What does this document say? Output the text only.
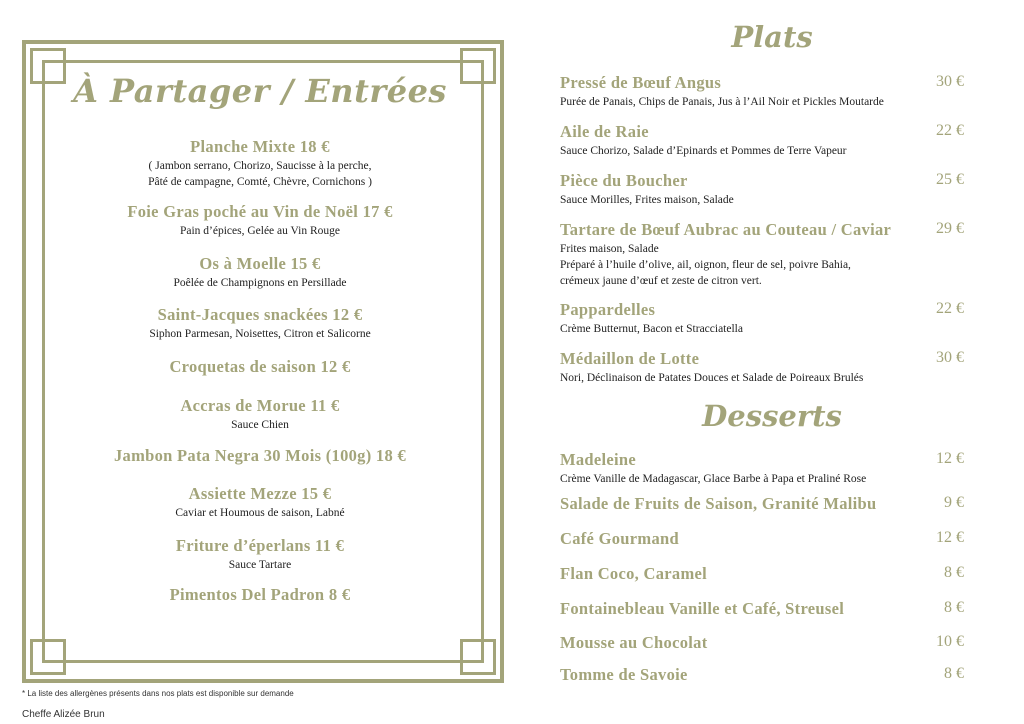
À Partager / Entrées
Planche Mixte 18 €
( Jambon serrano, Chorizo, Saucisse à la perche,
Pâté de campagne, Comté, Chèvre, Cornichons )
Foie Gras poché au Vin de Noël 17 €
Pain d’épices, Gelée au Vin Rouge
Os à Moelle 15 €
Poêlée de Champignons en Persillade
Saint-Jacques snackées 12 €
Siphon Parmesan, Noisettes, Citron et Salicorne
Croquetas de saison 12 €
Accras de Morue 11 €
Sauce Chien
Jambon Pata Negra 30 Mois (100g) 18 €
Assiette Mezze 15 €
Caviar et Houmous de saison, Labné
Friture d’éperlans 11 €
Sauce Tartare
Pimentos Del Padron 8 €
* La liste des allergènes présents dans nos plats est disponible sur demande
Cheffe Alizée Brun
Plats
Pressé de Bœuf Angus	30 €
Purée de Panais, Chips de Panais, Jus à l’Ail Noir et Pickles Moutarde
Aile de Raie	22 €
Sauce Chorizo, Salade d’Epinards et Pommes de Terre Vapeur
Pièce du Boucher	25 €
Sauce Morilles, Frites maison, Salade
Tartare de Bœuf Aubrac au Couteau / Caviar	29 €
Frites maison, Salade
Préparé à l’huile d’olive, ail, oignon, fleur de sel, poivre Bahia,
crémeux jaune d’œuf et zeste de citron vert.
Pappardelles	22 €
Crème Butternut, Bacon et Stracciatella
Médaillon de Lotte	30 €
Nori, Déclinaison de Patates Douces et Salade de Poireaux Brulés
Desserts
Madeleine	12 €
Crème Vanille de Madagascar, Glace Barbe à Papa et Praliné Rose
Salade de Fruits de Saison, Granité Malibu	9 €
Café Gourmand	12 €
Flan Coco, Caramel	8 €
Fontainebleau Vanille et Café, Streusel	8 €
Mousse au Chocolat	10 €
Tomme de Savoie	8 €
